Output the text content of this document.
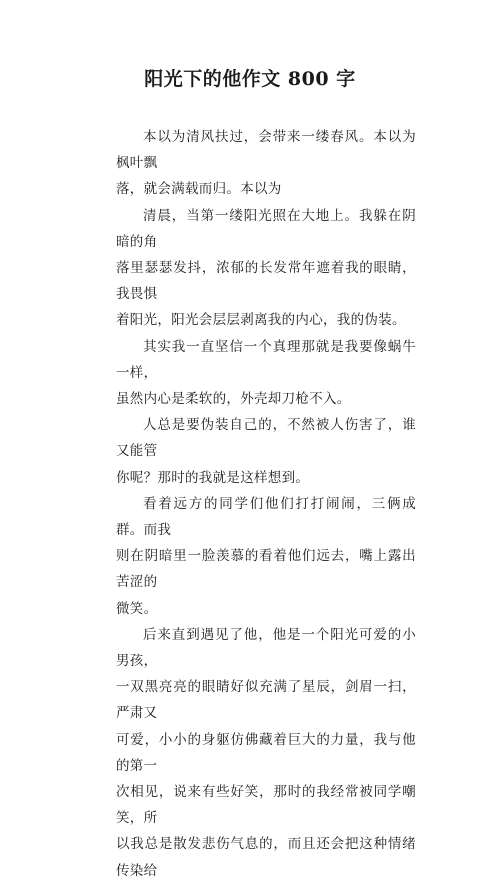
阳光下的他作文 800 字

本以为清风扶过，会带来一缕春风。本以为枫叶飘
落，就会满载而归。本以为

清晨，当第一缕阳光照在大地上。我躲在阴暗的角
落里瑟瑟发抖，浓郁的长发常年遮着我的眼睛，我畏惧
着阳光，阳光会层层剥离我的内心，我的伪装。

其实我一直坚信一个真理那就是我要像蜗牛一样，
虽然内心是柔软的，外壳却刀枪不入。

人总是要伪装自己的，不然被人伤害了，谁又能管
你呢？那时的我就是这样想到。

看着远方的同学们他们打打闹闹，三俩成群。而我
则在阴暗里一脸羡慕的看着他们远去，嘴上露出苦涩的
微笑。

后来直到遇见了他，他是一个阳光可爱的小男孩，
一双黑亮亮的眼睛好似充满了星辰，剑眉一扫，严肃又
可爱，小小的身躯仿佛藏着巨大的力量，我与他的第一
次相见，说来有些好笑，那时的我经常被同学嘲笑，所
以我总是散发悲伤气息的，而且还会把这种情绪传染给
